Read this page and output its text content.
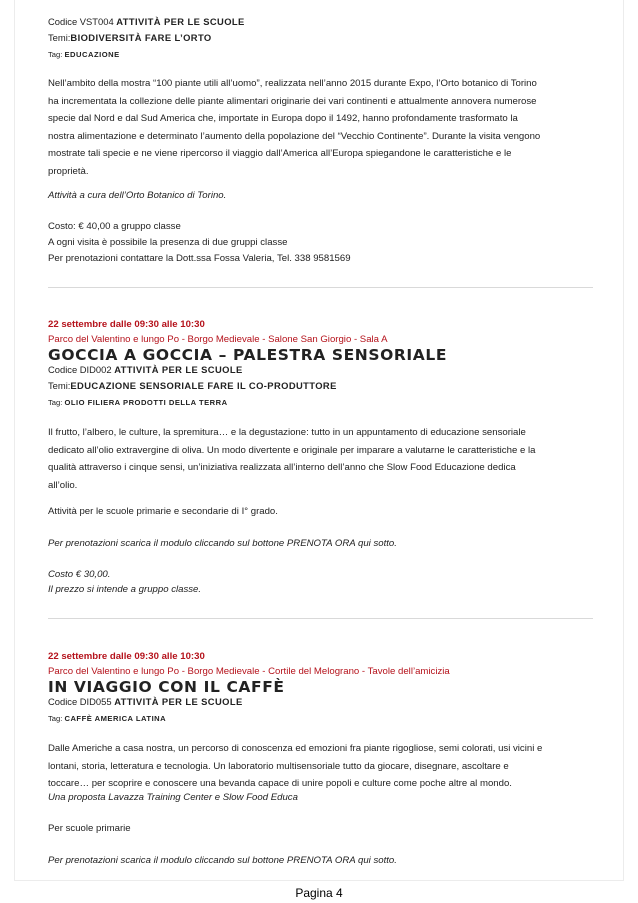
Codice VST004 ATTIVITÀ PER LE SCUOLE
Temi:BIODIVERSITÀ FARE L’ORTO
Tag: EDUCAZIONE

Nell’ambito della mostra “100 piante utili all’uomo”, realizzata nell’anno 2015 durante Expo, l’Orto botanico di Torino

ha incrementata la collezione delle piante alimentari originarie dei vari continenti e attualmente annovera numerose

specie dal Nord e dal Sud America che, importate in Europa dopo il 1492, hanno profondamente trasformato la

nostra alimentazione e determinato l’aumento della popolazione del “Vecchio Continente”. Durante la visita vengono

mostrate tali specie e ne viene ripercorso il viaggio dall’America all’Europa spiegandone le caratteristiche e le

proprietà.

Attività a cura dell’Orto Botanico di Torino.
Costo: € 40,00 a gruppo classe
A ogni visita è possibile la presenza di due gruppi classe
Per prenotazioni contattare la Dott.ssa Fossa Valeria, Tel. 338 9581569
22 settembre dalle 09:30 alle 10:30
Parco del Valentino e lungo Po - Borgo Medievale - Salone San Giorgio - Sala A
GOCCIA A GOCCIA – PALESTRA SENSORIALE
Codice DID002 ATTIVITÀ PER LE SCUOLE
Temi:EDUCAZIONE SENSORIALE FARE IL CO-PRODUTTORE
Tag: OLIO FILIERA PRODOTTI DELLA TERRA

Il frutto, l’albero, le culture, la spremitura… e la degustazione: tutto in un appuntamento di educazione sensoriale

dedicato all’olio extravergine di oliva. Un modo divertente e originale per imparare a valutarne le caratteristiche e la

qualità attraverso i cinque sensi, un’iniziativa realizzata all’interno dell’anno che Slow Food Educazione dedica

all’olio.

Attività per le scuole primarie e secondarie di I° grado.
Per prenotazioni scarica il modulo cliccando sul bottone PRENOTA ORA qui sotto.
Costo € 30,00.
Il prezzo si intende a gruppo classe.
22 settembre dalle 09:30 alle 10:30
Parco del Valentino e lungo Po - Borgo Medievale - Cortile del Melograno - Tavole dell’amicizia
IN VIAGGIO CON IL CAFFÈ
Codice DID055 ATTIVITÀ PER LE SCUOLE
Tag: CAFFÈ AMERICA LATINA

Dalle Americhe a casa nostra, un percorso di conoscenza ed emozioni fra piante rigogliose, semi colorati, usi vicini e

lontani, storia, letteratura e tecnologia. Un laboratorio multisensoriale tutto da giocare, disegnare, ascoltare e

toccare… per scoprire e conoscere una bevanda capace di unire popoli e culture come poche altre al mondo.

Una proposta Lavazza Training Center e Slow Food Educa
Per scuole primarie
Per prenotazioni scarica il modulo cliccando sul bottone PRENOTA ORA qui sotto.
Pagina 4
